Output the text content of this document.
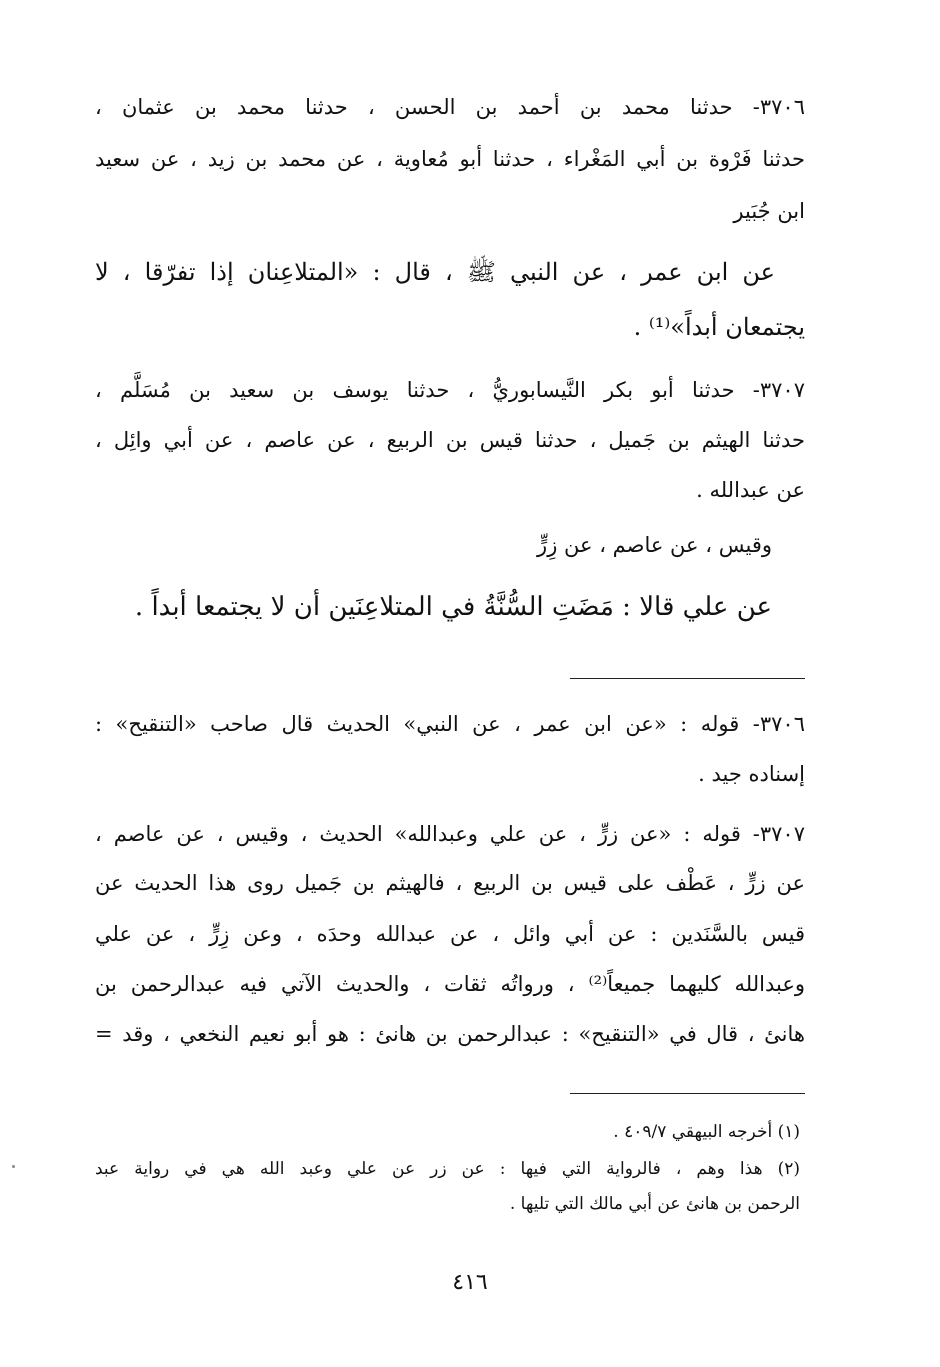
٣٧٠٦- حدثنا محمد بن أحمد بن الحسن ، حدثنا محمد بن عثمان ،
حدثنا فَرْوة بن أبي المَغْراء ، حدثنا أبو مُعاوية ، عن محمد بن زيد ، عن سعيد
ابن جُبَير
عن ابن عمر ، عن النبي ﷺ ، قال : «المتلاعِنان إذا تفرّقا ، لا
يجتمعان أبداً»⁽¹⁾ .
٣٧٠٧- حدثنا أبو بكر النَّيسابوريُّ ، حدثنا يوسف بن سعيد بن مُسَلَّم ،
حدثنا الهيثم بن جَميل ، حدثنا قيس بن الربيع ، عن عاصم ، عن أبي وائِل ،
عن عبدالله .
وقيس ، عن عاصم ، عن زِرٍّ
عن علي قالا : مَضَتِ السُّنَّةُ في المتلاعِنَين أن لا يجتمعا أبداً .
٣٧٠٦- قوله : «عن ابن عمر ، عن النبي» الحديث قال صاحب «التنقيح» :
إسناده جيد .
٣٧٠٧- قوله : «عن زرٍّ ، عن علي وعبدالله» الحديث ، وقيس ، عن عاصم ،
عن زرٍّ ، عَطْف على قيس بن الربيع ، فالهيثم بن جَميل روى هذا الحديث عن
قيس بالسَّنَدين : عن أبي وائل ، عن عبدالله وحدَه ، وعن زِرٍّ ، عن علي
وعبدالله كليهما جميعاً⁽²⁾ ، ورواتُه ثقات ، والحديث الآتي فيه عبدالرحمن بن
هانئ ، قال في «التنقيح» : عبدالرحمن بن هانئ : هو أبو نعيم النخعي ، وقد =
(١) أخرجه البيهقي ٤٠٩/٧ .
(٢) هذا وهم ، فالرواية التي فيها : عن زر عن علي وعبد الله هي في رواية عبد
الرحمن بن هانئ عن أبي مالك التي تليها .
٤١٦
